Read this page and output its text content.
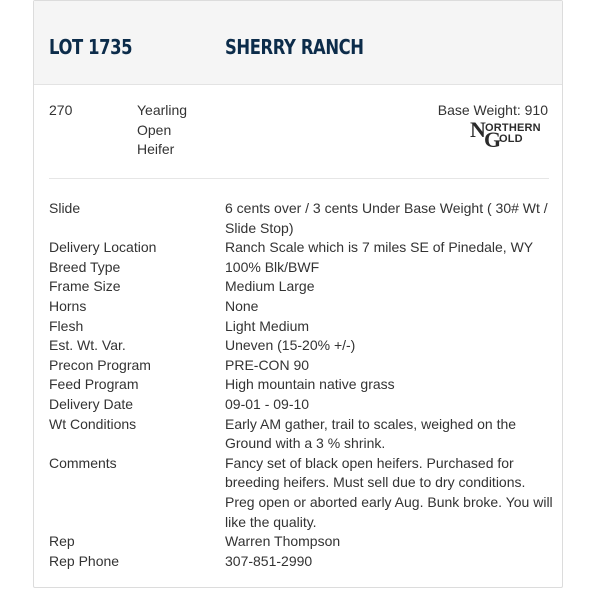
LOT 1735	SHERRY RANCH
270	Yearling
Open
Heifer
Base Weight: 910
N ORTHERN
G
OLD
Slide	6 cents over / 3 cents Under Base Weight ( 30# Wt / Slide Stop)
Delivery Location	Ranch Scale which is 7 miles SE of Pinedale, WY
Breed Type	100% Blk/BWF
Frame Size	Medium Large
Horns	None
Flesh	Light Medium
Est. Wt. Var.	Uneven (15-20% +/-)
Precon Program	PRE-CON 90
Feed Program	High mountain native grass
Delivery Date	09-01 - 09-10
Wt Conditions	Early AM gather, trail to scales, weighed on the Ground with a 3 % shrink.
Comments	Fancy set of black open heifers. Purchased for breeding heifers. Must sell due to dry conditions. Preg open or aborted early Aug. Bunk broke. You will like the quality.
Rep	Warren Thompson
Rep Phone	307-851-2990
